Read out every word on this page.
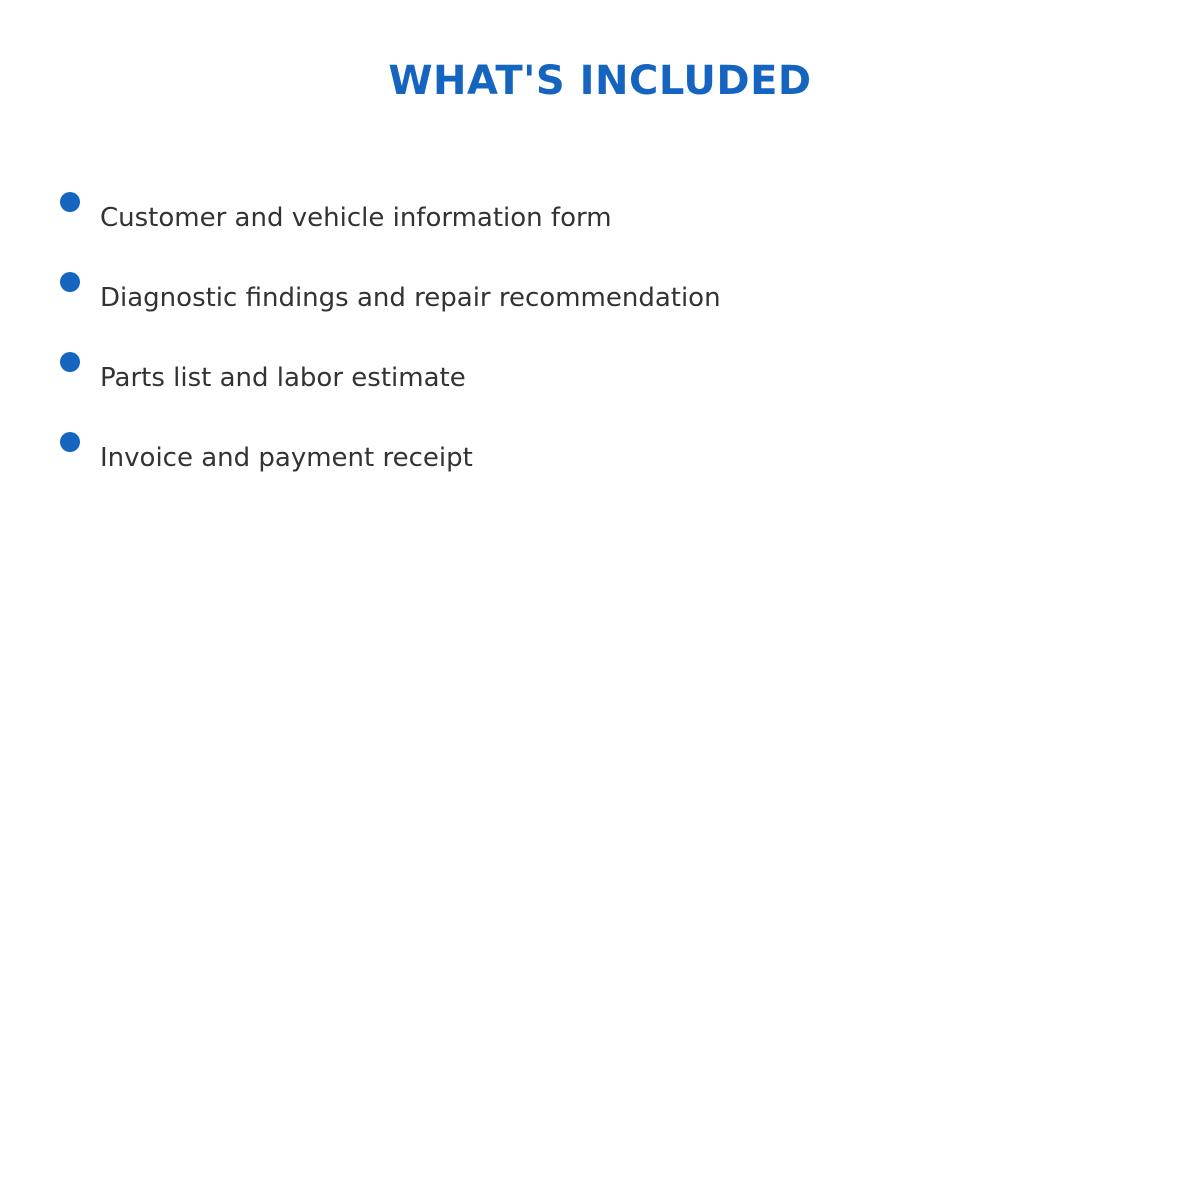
WHAT'S INCLUDED
Customer and vehicle information form
Diagnostic findings and repair recommendation
Parts list and labor estimate
Invoice and payment receipt
